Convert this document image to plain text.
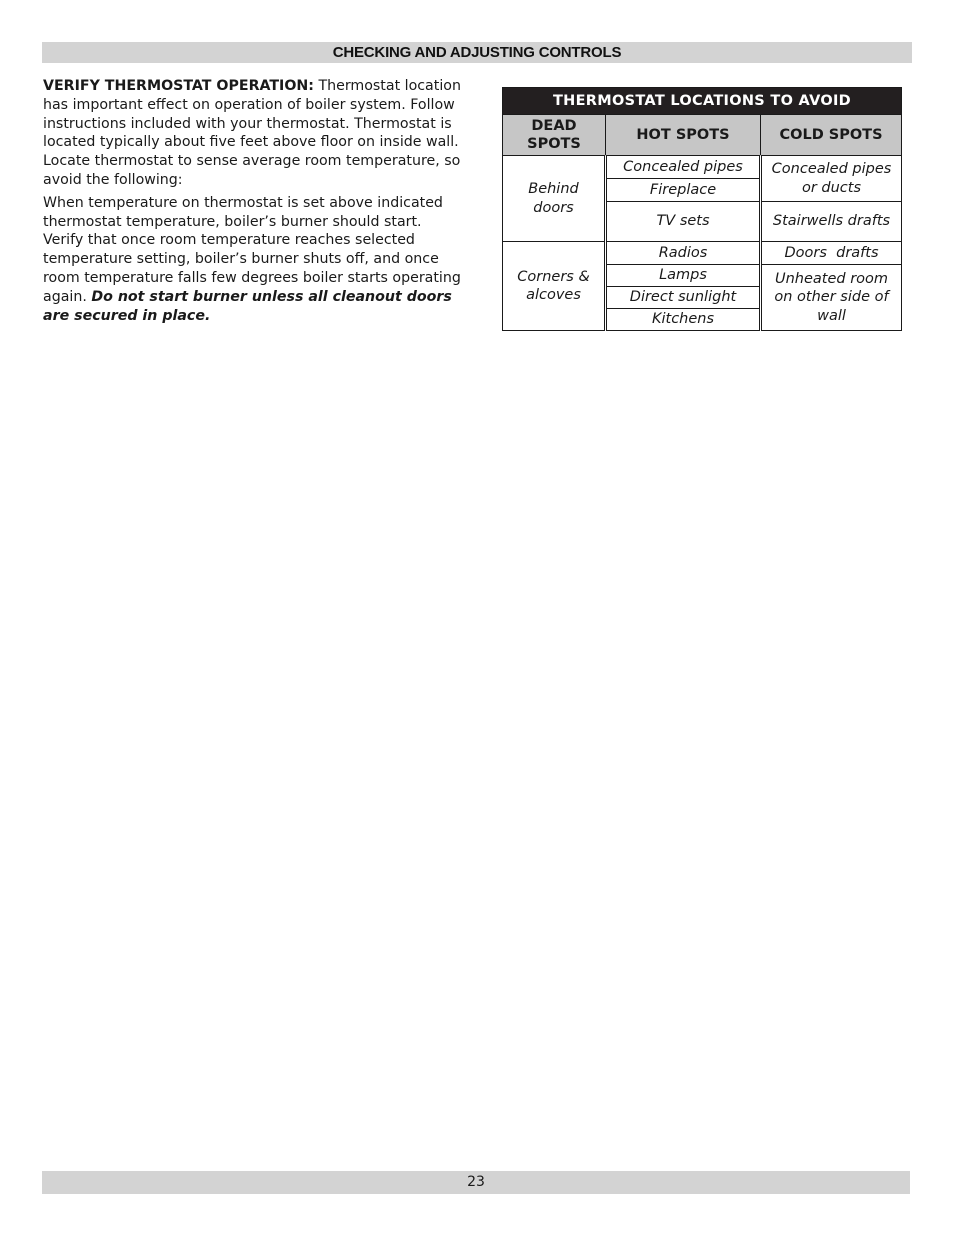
CHECKING AND ADJUSTING CONTROLS

VERIFY THERMOSTAT OPERATION: Thermostat location has important effect on operation of boiler system. Follow instructions included with your thermostat. Thermostat is located typically about five feet above floor on inside wall. Locate thermostat to sense average room temperature, so avoid the following:

When temperature on thermostat is set above indicated thermostat temperature, boiler’s burner should start. Verify that once room temperature reaches selected temperature setting, boiler’s burner shuts off, and once room temperature falls few degrees boiler starts operating again. Do not start burner unless all cleanout doors are secured in place.

THERMOSTAT LOCATIONS TO AVOID		
DEAD SPOTS	HOT SPOTS	COLD SPOTS
Behind doors	Concealed pipes	Concealed pipes or ducts
	Fireplace	
	TV sets	Stairwells drafts
Corners & alcoves	Radios	Doors  drafts
	Lamps	Unheated room on other side of wall
	Direct sunlight	
	Kitchens	
23
